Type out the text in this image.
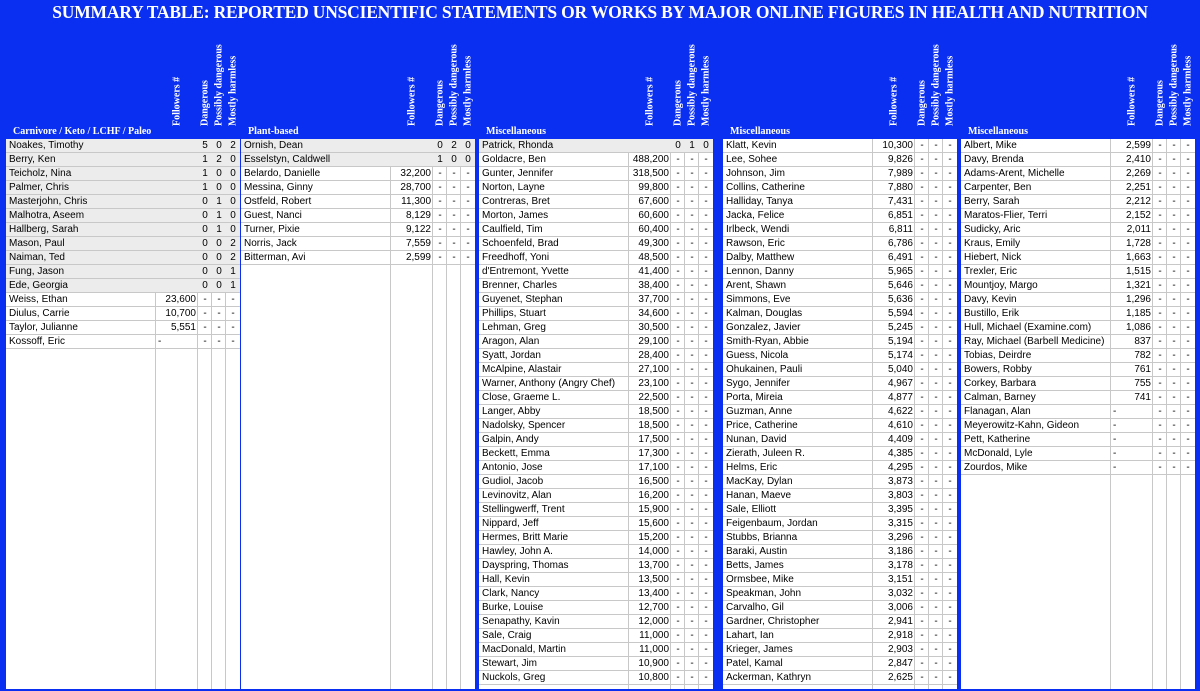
SUMMARY TABLE: REPORTED UNSCIENTIFIC STATEMENTS OR WORKS BY MAJOR ONLINE FIGURES IN HEALTH AND NUTRITION
Carnivore / Keto / LCHF / Paleo
Followers # Dangerous Possibly dangerous Mostly harmless
Noakes, Timothy	5 0 2
Berry, Ken	1 2 0
Teicholz, Nina	1 0 0
Palmer, Chris	1 0 0
Masterjohn, Chris	0 1 0
Malhotra, Aseem	0 1 0
Hallberg, Sarah	0 1 0
Mason, Paul	0 0 2
Naiman, Ted	0 0 2
Fung, Jason	0 0 1
Ede, Georgia	0 0 1
Weiss, Ethan	23,600 -	-	-
Diulus, Carrie	10,700 -	-	-
Taylor, Julianne	5,551 -	-	-
Kossoff, Eric	-	-	-	-
Plant-based
Followers # Dangerous Possibly dangerous Mostly harmless
Ornish, Dean	0 2 0
Esselstyn, Caldwell	1 0 0
Belardo, Danielle	32,200 -	-	-
Messina, Ginny	28,700 -	-	-
Ostfeld, Robert	11,300 -	-	-
Guest, Nanci	8,129 -	-	-
Turner, Pixie	9,122 -	-	-
Norris, Jack	7,559 -	-	-
Bitterman, Avi	2,599 -	-	-
Miscellaneous
Followers # Dangerous Possibly dangerous Mostly harmless
Patrick, Rhonda	0 1 0
Goldacre, Ben	488,200 -	-	-
Gunter, Jennifer	318,500 -	-	-
Norton, Layne	99,800 -	-	-
Contreras, Bret	67,600 -	-	-
Morton, James	60,600 -	-	-
Caulfield, Tim	60,400 -	-	-
Schoenfeld, Brad	49,300 -	-	-
Freedhoff, Yoni	48,500 -	-	-
d'Entremont, Yvette	41,400 -	-	-
Brenner, Charles	38,400 -	-	-
Guyenet, Stephan	37,700 -	-	-
Phillips, Stuart	34,600 -	-	-
Lehman, Greg	30,500 -	-	-
Aragon, Alan	29,100 -	-	-
Syatt, Jordan	28,400 -	-	-
McAlpine, Alastair	27,100 -	-	-
Warner, Anthony (Angry Chef)	23,100 -	-	-
Close, Graeme L.	22,500 -	-	-
Langer, Abby	18,500 -	-	-
Nadolsky, Spencer	18,500 -	-	-
Galpin, Andy	17,500 -	-	-
Beckett, Emma	17,300 -	-	-
Antonio, Jose	17,100 -	-	-
Gudiol, Jacob	16,500 -	-	-
Levinovitz, Alan	16,200 -	-	-
Stellingwerff, Trent	15,900 -	-	-
Nippard, Jeff	15,600 -	-	-
Hermes, Britt Marie	15,200 -	-	-
Hawley, John A.	14,000 -	-	-
Dayspring, Thomas	13,700 -	-	-
Hall, Kevin	13,500 -	-	-
Clark, Nancy	13,400 -	-	-
Burke, Louise	12,700 -	-	-
Senapathy, Kavin	12,000 -	-	-
Sale, Craig	11,000 -	-	-
MacDonald, Martin	11,000 -	-	-
Stewart, Jim	10,900 -	-	-
Nuckols, Greg	10,800 -	-	-
Miscellaneous
Followers # Dangerous Possibly dangerous Mostly harmless
Klatt, Kevin	10,300 -	-	-
Lee, Sohee	9,826 -	-	-
Johnson, Jim	7,989 -	-	-
Collins, Catherine	7,880 -	-	-
Halliday, Tanya	7,431 -	-	-
Jacka, Felice	6,851 -	-	-
Irlbeck, Wendi	6,811 -	-	-
Rawson, Eric	6,786 -	-	-
Dalby, Matthew	6,491 -	-	-
Lennon, Danny	5,965 -	-	-
Arent, Shawn	5,646 -	-	-
Simmons, Eve	5,636 -	-	-
Kalman, Douglas	5,594 -	-	-
Gonzalez, Javier	5,245 -	-	-
Smith-Ryan, Abbie	5,194 -	-	-
Guess, Nicola	5,174 -	-	-
Ohukainen, Pauli	5,040 -	-	-
Sygo, Jennifer	4,967 -	-	-
Porta, Mireia	4,877 -	-	-
Guzman, Anne	4,622 -	-	-
Price, Catherine	4,610 -	-	-
Nunan, David	4,409 -	-	-
Zierath, Juleen R.	4,385 -	-	-
Helms, Eric	4,295 -	-	-
MacKay, Dylan	3,873 -	-	-
Hanan, Maeve	3,803 -	-	-
Sale, Elliott	3,395 -	-	-
Feigenbaum, Jordan	3,315 -	-	-
Stubbs, Brianna	3,296 -	-	-
Baraki, Austin	3,186 -	-	-
Betts, James	3,178 -	-	-
Ormsbee, Mike	3,151 -	-	-
Speakman, John	3,032 -	-	-
Carvalho, Gil	3,006 -	-	-
Gardner, Christopher	2,941 -	-	-
Lahart, Ian	2,918 -	-	-
Krieger, James	2,903 -	-	-
Patel, Kamal	2,847 -	-	-
Ackerman, Kathryn	2,625 -	-	-
Miscellaneous
Followers # Dangerous Possibly dangerous Mostly harmless
Albert, Mike	2,599 -	-	-
Davy, Brenda	2,410 -	-	-
Adams-Arent, Michelle	2,269 -	-	-
Carpenter, Ben	2,251 -	-	-
Berry, Sarah	2,212 -	-	-
Maratos-Flier, Terri	2,152 -	-	-
Sudicky, Aric	2,011 -	-	-
Kraus, Emily	1,728 -	-	-
Hiebert, Nick	1,663 -	-	-
Trexler, Eric	1,515 -	-	-
Mountjoy, Margo	1,321 -	-	-
Davy, Kevin	1,296 -	-	-
Bustillo, Erik	1,185 -	-	-
Hull, Michael (Examine.com)	1,086 -	-	-
Ray, Michael (Barbell Medicine)	837 -	-	-
Tobias, Deirdre	782 -	-	-
Bowers, Robby	761 -	-	-
Corkey, Barbara	755 -	-	-
Calman, Barney	741 -	-	-
Flanagan, Alan	-	-	-	-
Meyerowitz-Kahn, Gideon	-	-	-	-
Pett, Katherine	-	-	-	-
McDonald, Lyle	-	-	-	-
Zourdos, Mike	-	-	-	-
